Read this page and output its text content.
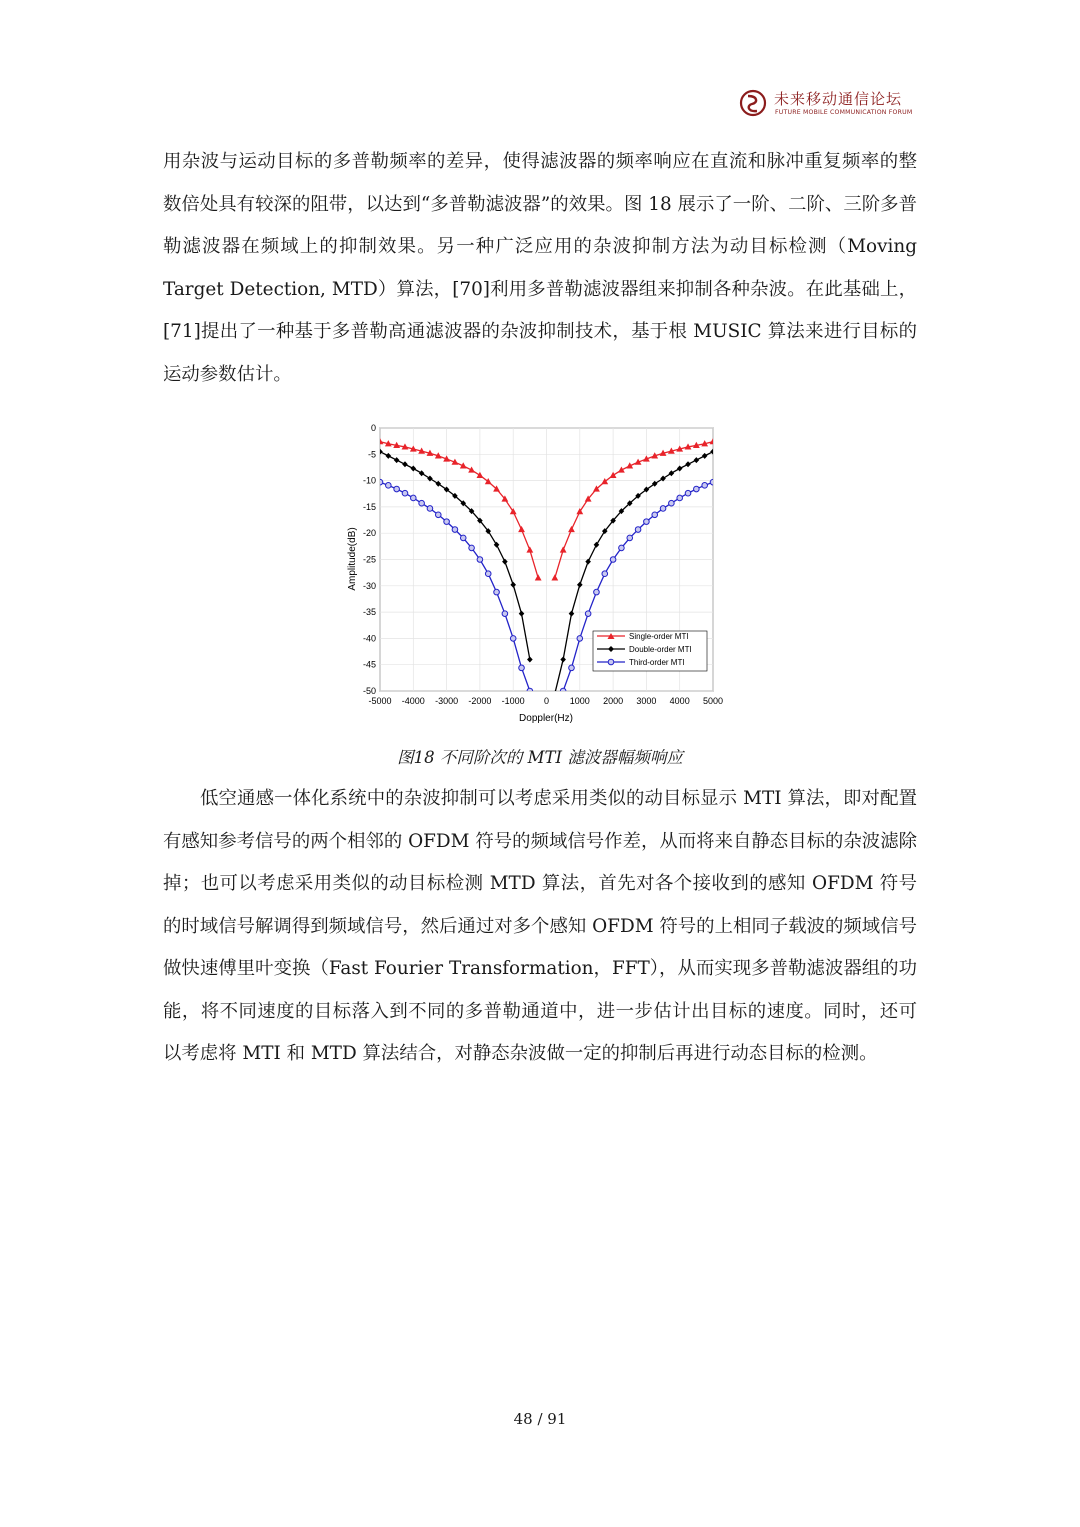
未来移动通信论坛
FUTURE MOBILE COMMUNICATION FORUM

用杂波与运动目标的多普勒频率的差异，使得滤波器的频率响应在直流和脉冲重复频率的整数倍处具有较深的阻带，以达到“多普勒滤波器”的效果。图 18 展示了一阶、二阶、三阶多普勒滤波器在频域上的抑制效果。另一种广泛应用的杂波抑制方法为动目标检测（Moving Target Detection, MTD）算法，[70]利用多普勒滤波器组来抑制各种杂波。在此基础上，[71]提出了一种基于多普勒高通滤波器的杂波抑制技术，基于根 MUSIC 算法来进行目标的运动参数估计。

-5000 -4000 -3000 -2000 -1000 0 1000 2000 3000 4000 5000
0
-5
-10
-15
-20
-25
-30
-35
-40
-45
-50
Doppler(Hz)
Amplitude(dB)
Single-order MTI
Double-order MTI
Third-order MTI
图18 不同阶次的 MTI 滤波器幅频响应

低空通感一体化系统中的杂波抑制可以考虑采用类似的动目标显示 MTI 算法，即对配置有感知参考信号的两个相邻的 OFDM 符号的频域信号作差，从而将来自静态目标的杂波滤除掉；也可以考虑采用类似的动目标检测 MTD 算法，首先对各个接收到的感知 OFDM 符号的时域信号解调得到频域信号，然后通过对多个感知 OFDM 符号的上相同子载波的频域信号做快速傅里叶变换（Fast Fourier Transformation，FFT），从而实现多普勒滤波器组的功能，将不同速度的目标落入到不同的多普勒通道中，进一步估计出目标的速度。同时，还可以考虑将 MTI 和 MTD 算法结合，对静态杂波做一定的抑制后再进行动态目标的检测。

48 / 91
